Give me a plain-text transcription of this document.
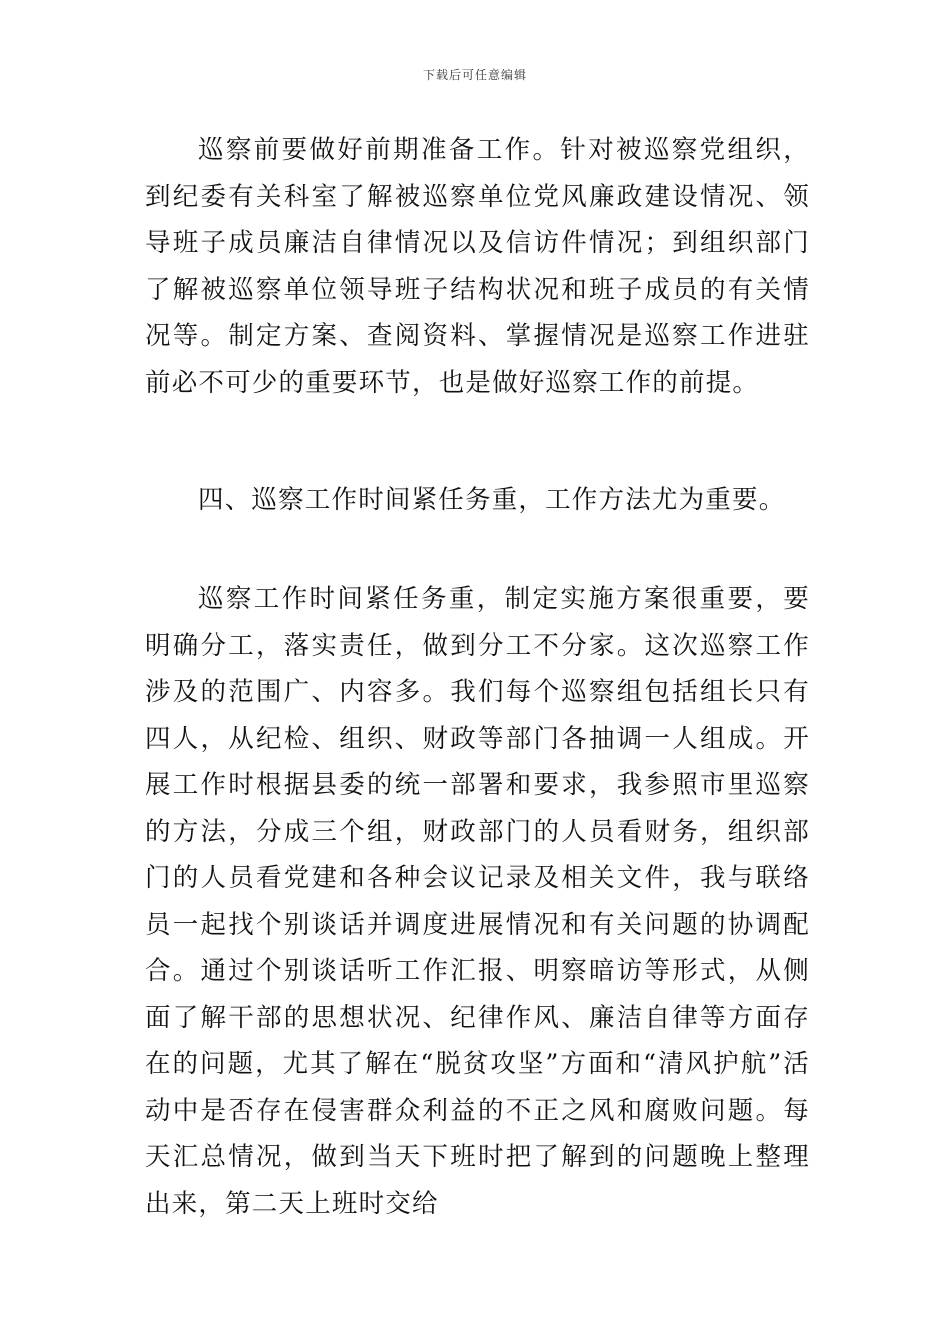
下载后可任意编辑

巡察前要做好前期准备工作。针对被巡察党组织，到纪委有关科室了解被巡察单位党风廉政建设情况、领导班子成员廉洁自律情况以及信访件情况；到组织部门了解被巡察单位领导班子结构状况和班子成员的有关情况等。制定方案、查阅资料、掌握情况是巡察工作进驻前必不可少的重要环节，也是做好巡察工作的前提。

四、巡察工作时间紧任务重，工作方法尤为重要。

巡察工作时间紧任务重，制定实施方案很重要，要明确分工，落实责任，做到分工不分家。这次巡察工作涉及的范围广、内容多。我们每个巡察组包括组长只有四人，从纪检、组织、财政等部门各抽调一人组成。开展工作时根据县委的统一部署和要求，我参照市里巡察的方法，分成三个组，财政部门的人员看财务，组织部门的人员看党建和各种会议记录及相关文件，我与联络员一起找个别谈话并调度进展情况和有关问题的协调配合。通过个别谈话听工作汇报、明察暗访等形式，从侧面了解干部的思想状况、纪律作风、廉洁自律等方面存在的问题，尤其了解在“脱贫攻坚”方面和“清风护航”活动中是否存在侵害群众利益的不正之风和腐败问题。每天汇总情况，做到当天下班时把了解到的问题晚上整理出来，第二天上班时交给
